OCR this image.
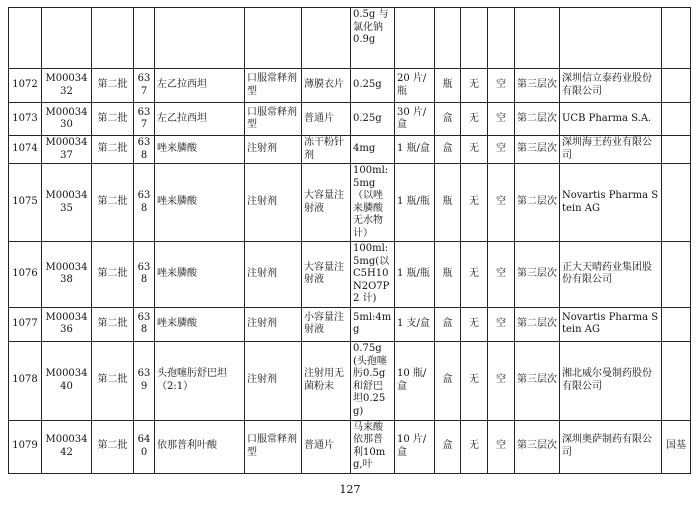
							0.5g 与氯化钠0.9g							
1072	M0003432	第二批	637	左乙拉西坦	口服常释剂型	薄膜衣片	0.25g	20 片/瓶	瓶	无	空	第三层次	深圳信立泰药业股份有限公司	
1073	M0003430	第二批	637	左乙拉西坦	口服常释剂型	普通片	0.25g	30 片/盒	盒	无	空	第二层次	UCB Pharma S.A.	
1074	M0003437	第二批	638	唑来膦酸	注射剂	冻干粉针剂	4mg	1 瓶/盒	盒	无	空	第三层次	深圳海王药业有限公司	
1075	M0003435	第二批	638	唑来膦酸	注射剂	大容量注射液	100ml:5mg（以唑来膦酸无水物计）	1 瓶/瓶	瓶	无	空	第二层次	Novartis Pharma Stein AG	
1076	M0003438	第二批	638	唑来膦酸	注射剂	大容量注射液	100ml:5mg(以C5H10N2O7P2 计)	1 瓶/瓶	瓶	无	空	第三层次	正大天晴药业集团股份有限公司	
1077	M0003436	第二批	638	唑来膦酸	注射剂	小容量注射液	5ml:4mg	1 支/盒	盒	无	空	第二层次	Novartis Pharma Stein AG	
1078	M0003440	第二批	639	头孢噻肟舒巴坦（2:1）	注射剂	注射用无菌粉末	0.75g(头孢噻肟0.5g 和舒巴坦0.25g)	10 瓶/盒	盒	无	空	第三层次	湘北威尔曼制药股份有限公司	
1079	M0003442	第二批	640	依那普利叶酸	口服常释剂型	普通片	马来酸依那普利10mg,叶	10 片/盒	盒	无	空	第三层次	深圳奥萨制药有限公司	国基
127
